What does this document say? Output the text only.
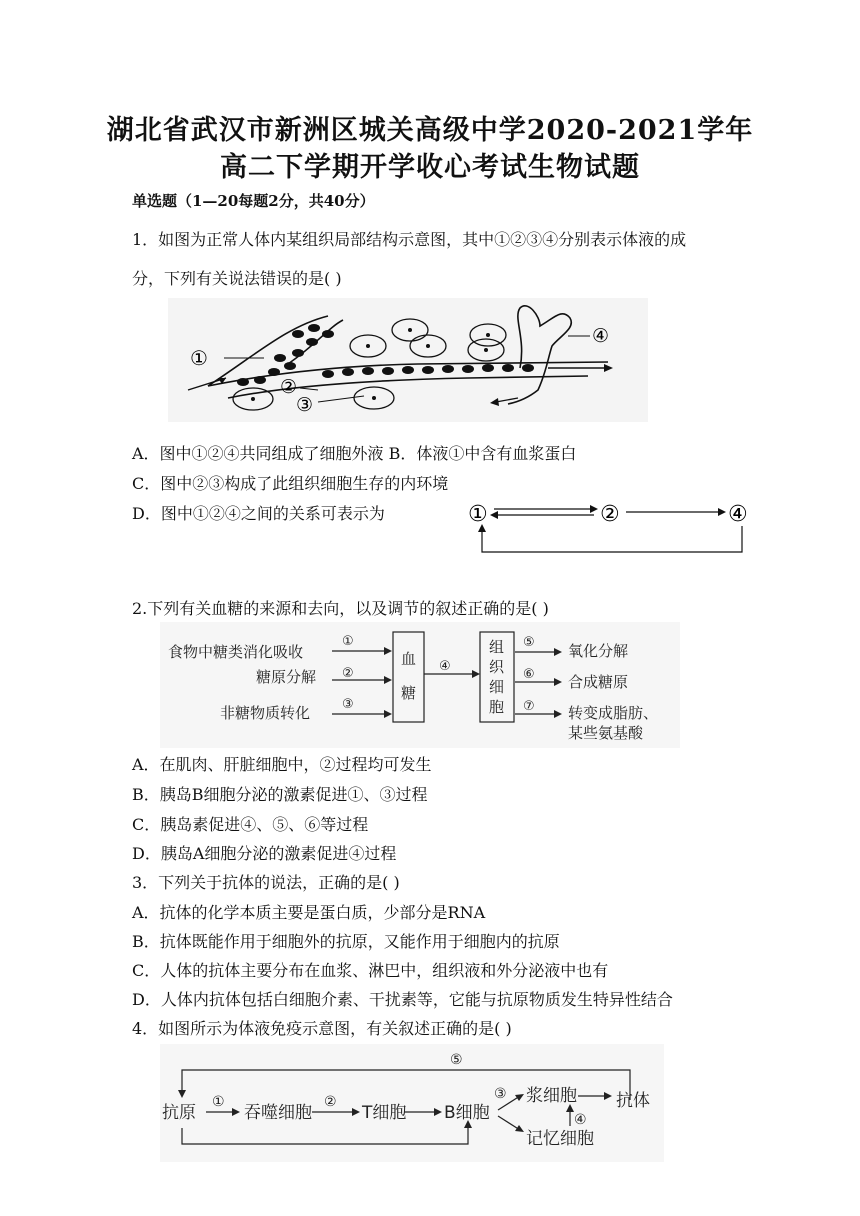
湖北省武汉市新洲区城关高级中学2020-2021学年
高二下学期开学收心考试生物试题
单选题（1—20每题2分，共40分）
1．如图为正常人体内某组织局部结构示意图，其中①②③④分别表示体液的成
分，下列有关说法错误的是( )
①
②
③
④
A．图中①②④共同组成了细胞外液 B．体液①中含有血浆蛋白
C．图中②③构成了此组织细胞生存的内环境
D．图中①②④之间的关系可表示为	①	②	④
2.下列有关血糖的来源和去向，以及调节的叙述正确的是( )
食物中糖类消化吸收
糖原分解
非糖物质转化
①
②
③
血
糖
④
组
织
细
胞
⑤
⑥
⑦
氧化分解
合成糖原
转变成脂肪、
某些氨基酸
A．在肌肉、肝脏细胞中，②过程均可发生
B．胰岛B细胞分泌的激素促进①、③过程
C．胰岛素促进④、⑤、⑥等过程
D．胰岛A细胞分泌的激素促进④过程
3．下列关于抗体的说法，正确的是( )
A．抗体的化学本质主要是蛋白质，少部分是RNA
B．抗体既能作用于细胞外的抗原，又能作用于细胞内的抗原
C．人体的抗体主要分布在血浆、淋巴中，组织液和外分泌液中也有
D．人体内抗体包括白细胞介素、干扰素等，它能与抗原物质发生特异性结合
4．如图所示为体液免疫示意图，有关叙述正确的是( )
抗原	吞噬细胞	T细胞 B细胞
浆细胞 抗体
记忆细胞
①	②	③
④
⑤
